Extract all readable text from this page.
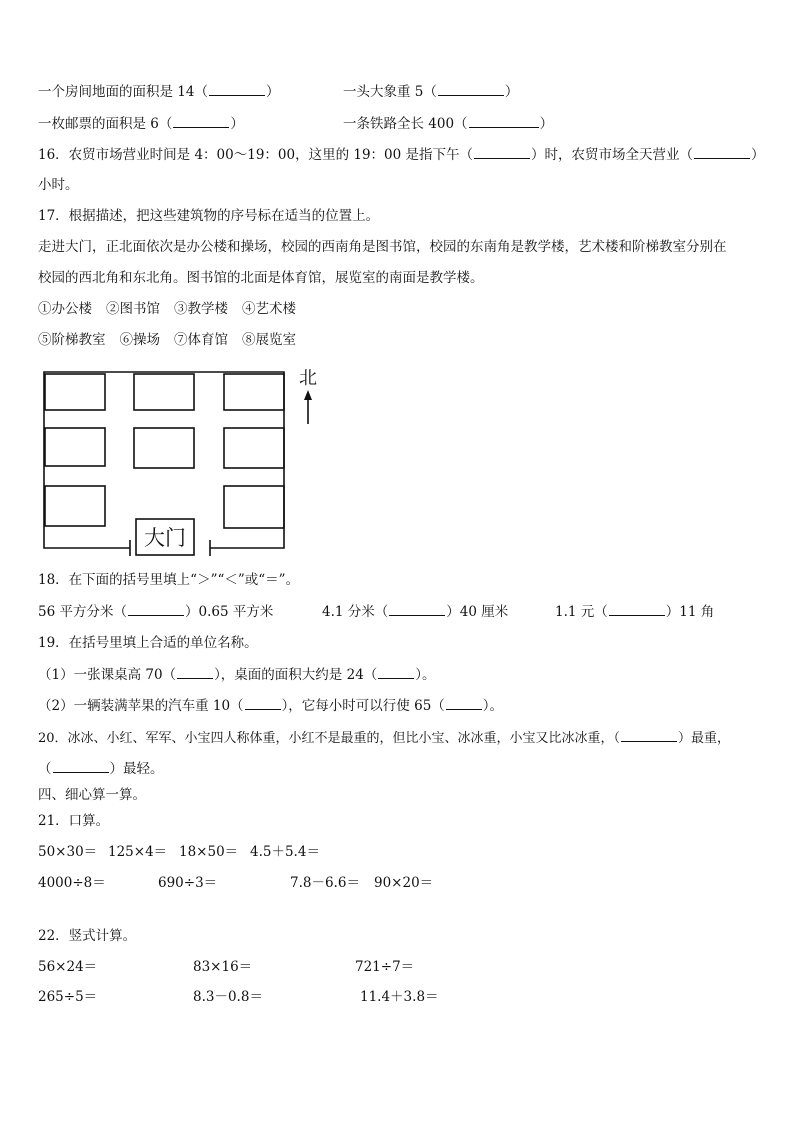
一个房间地面的面积是 14（	）	一头大象重 5（	）
一枚邮票的面积是 6（	）	一条铁路全长 400（	）
16．农贸市场营业时间是 4：00～19：00，这里的 19：00 是指下午（	）时，农贸市场全天营业（	）
小时。
17．根据描述，把这些建筑物的序号标在适当的位置上。
走进大门，正北面依次是办公楼和操场，校园的西南角是图书馆，校园的东南角是教学楼，艺术楼和阶梯教室分别在
校园的西北角和东北角。图书馆的北面是体育馆，展览室的南面是教学楼。
①办公楼 ②图书馆 ③教学楼 ④艺术楼
⑤阶梯教室 ⑥操场 ⑦体育馆 ⑧展览室
大门
北
18．在下面的括号里填上“＞”“＜”或“＝”。
56 平方分米（	）0.65 平方米	4.1 分米（	）40 厘米	1.1 元（	）11 角
19．在括号里填上合适的单位名称。
（1）一张课桌高 70（	），桌面的面积大约是 24（	）。
（2）一辆装满苹果的汽车重 10（	），它每小时可以行使 65（	）。
20．冰冰、小红、军军、小宝四人称体重，小红不是最重的，但比小宝、冰冰重，小宝又比冰冰重，（	）最重，
（	）最轻。
四、细心算一算。
21．口算。
50×30＝ 125×4＝ 18×50＝ 4.5＋5.4＝
4000÷8＝	690÷3＝	7.8－6.6＝ 90×20＝
22．竖式计算。
56×24＝	83×16＝	721÷7＝
265÷5＝	8.3－0.8＝	11.4＋3.8＝
